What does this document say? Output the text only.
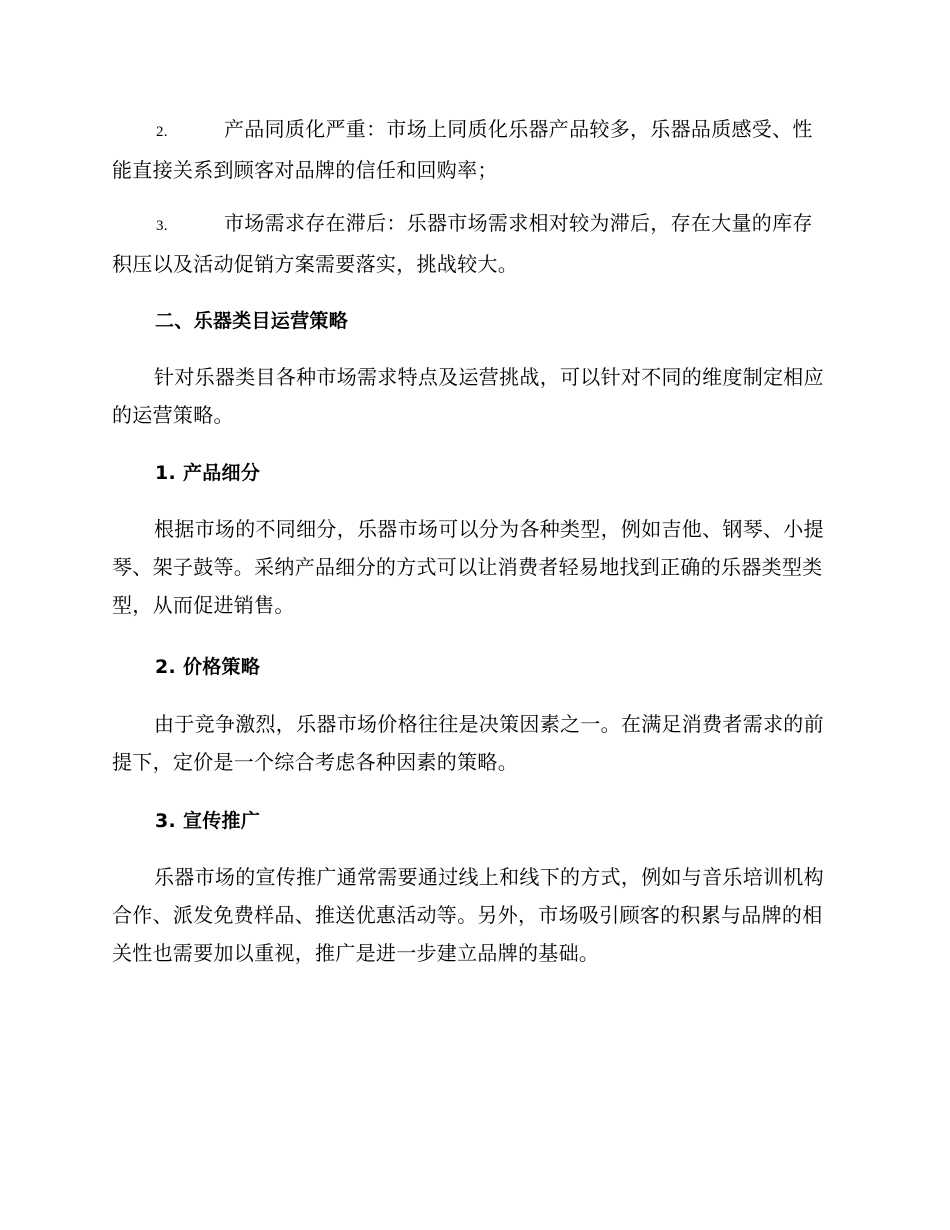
2.	产品同质化严重：市场上同质化乐器产品较多，乐器品质感受、性能直接关系到顾客对品牌的信任和回购率；

3.	市场需求存在滞后：乐器市场需求相对较为滞后，存在大量的库存积压以及活动促销方案需要落实，挑战较大。

二、乐器类目运营策略

针对乐器类目各种市场需求特点及运营挑战，可以针对不同的维度制定相应的运营策略。

1. 产品细分

根据市场的不同细分，乐器市场可以分为各种类型，例如吉他、钢琴、小提琴、架子鼓等。采纳产品细分的方式可以让消费者轻易地找到正确的乐器类型类型，从而促进销售。

2. 价格策略

由于竞争激烈，乐器市场价格往往是决策因素之一。在满足消费者需求的前提下，定价是一个综合考虑各种因素的策略。

3. 宣传推广

乐器市场的宣传推广通常需要通过线上和线下的方式，例如与音乐培训机构合作、派发免费样品、推送优惠活动等。另外，市场吸引顾客的积累与品牌的相关性也需要加以重视，推广是进一步建立品牌的基础。
